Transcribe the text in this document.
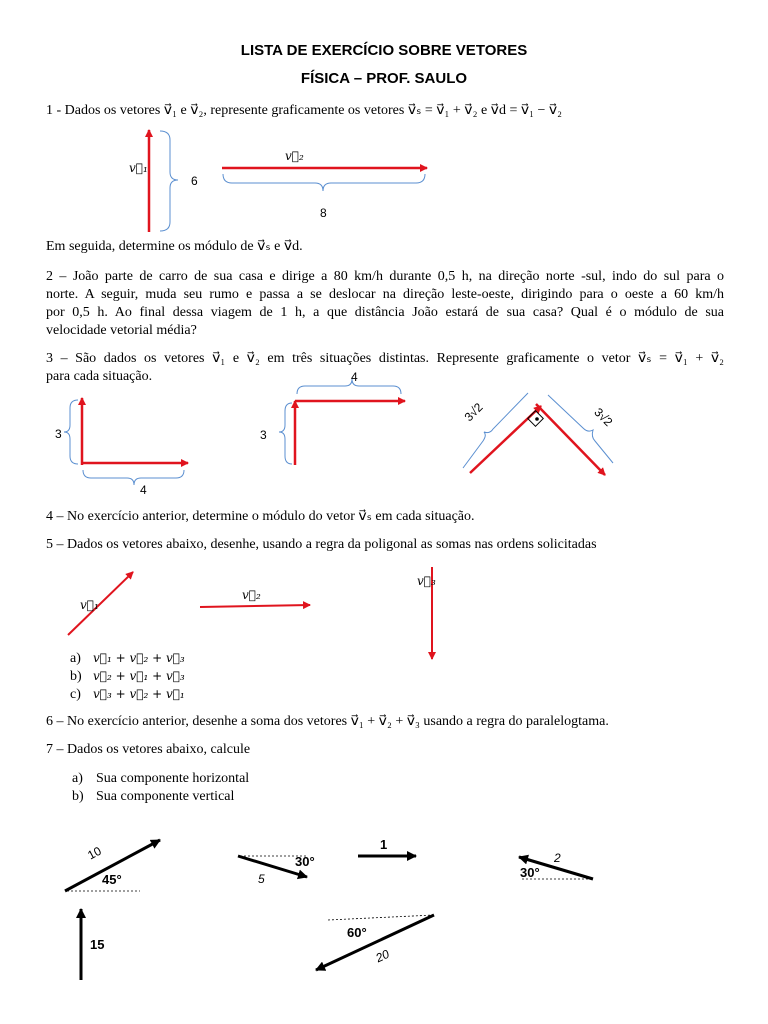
LISTA DE EXERCÍCIO SOBRE VETORES
FÍSICA – PROF. SAULO
1 - Dados os vetores v⃗₁ e v⃗₂, represente graficamente os vetores v⃗ₛ = v⃗₁ + v⃗₂ e v⃗d = v⃗₁ − v⃗₂
v⃗₁
6
v⃗₂
8
Em seguida, determine os módulo de v⃗ₛ e v⃗d.
2 – João parte de carro de sua casa e dirige a 80 km/h durante 0,5 h, na direção norte -sul, indo do sul para o
norte. A seguir, muda seu rumo e passa a se deslocar na direção leste-oeste, dirigindo para o oeste a 60 km/h
por 0,5 h. Ao final dessa viagem de 1 h, a que distância João estará de sua casa? Qual é o módulo de sua
velocidade vetorial média?
3 – São dados os vetores v⃗₁ e v⃗₂ em três situações distintas. Represente graficamente o vetor v⃗ₛ = v⃗₁ + v⃗₂
para cada situação.
3
4
3
4
3√2	3√2
4 – No exercício anterior, determine o módulo do vetor v⃗ₛ em cada situação.
5 – Dados os vetores abaixo, desenhe, usando a regra da poligonal as somas nas ordens solicitadas
v⃗₁
v⃗₂
v⃗₃
a) v⃗₁ + v⃗₂ + v⃗₃
b) v⃗₂ + v⃗₁ + v⃗₃
c) v⃗₃ + v⃗₂ + v⃗₁
6 – No exercício anterior, desenhe a soma dos vetores v⃗₁ + v⃗₂ + v⃗₃ usando a regra do paralelogtama.
7 – Dados os vetores abaixo, calcule
a) Sua componente horizontal
b) Sua componente vertical
10
45°
30°
5
1
2
30°
15
60°
20
